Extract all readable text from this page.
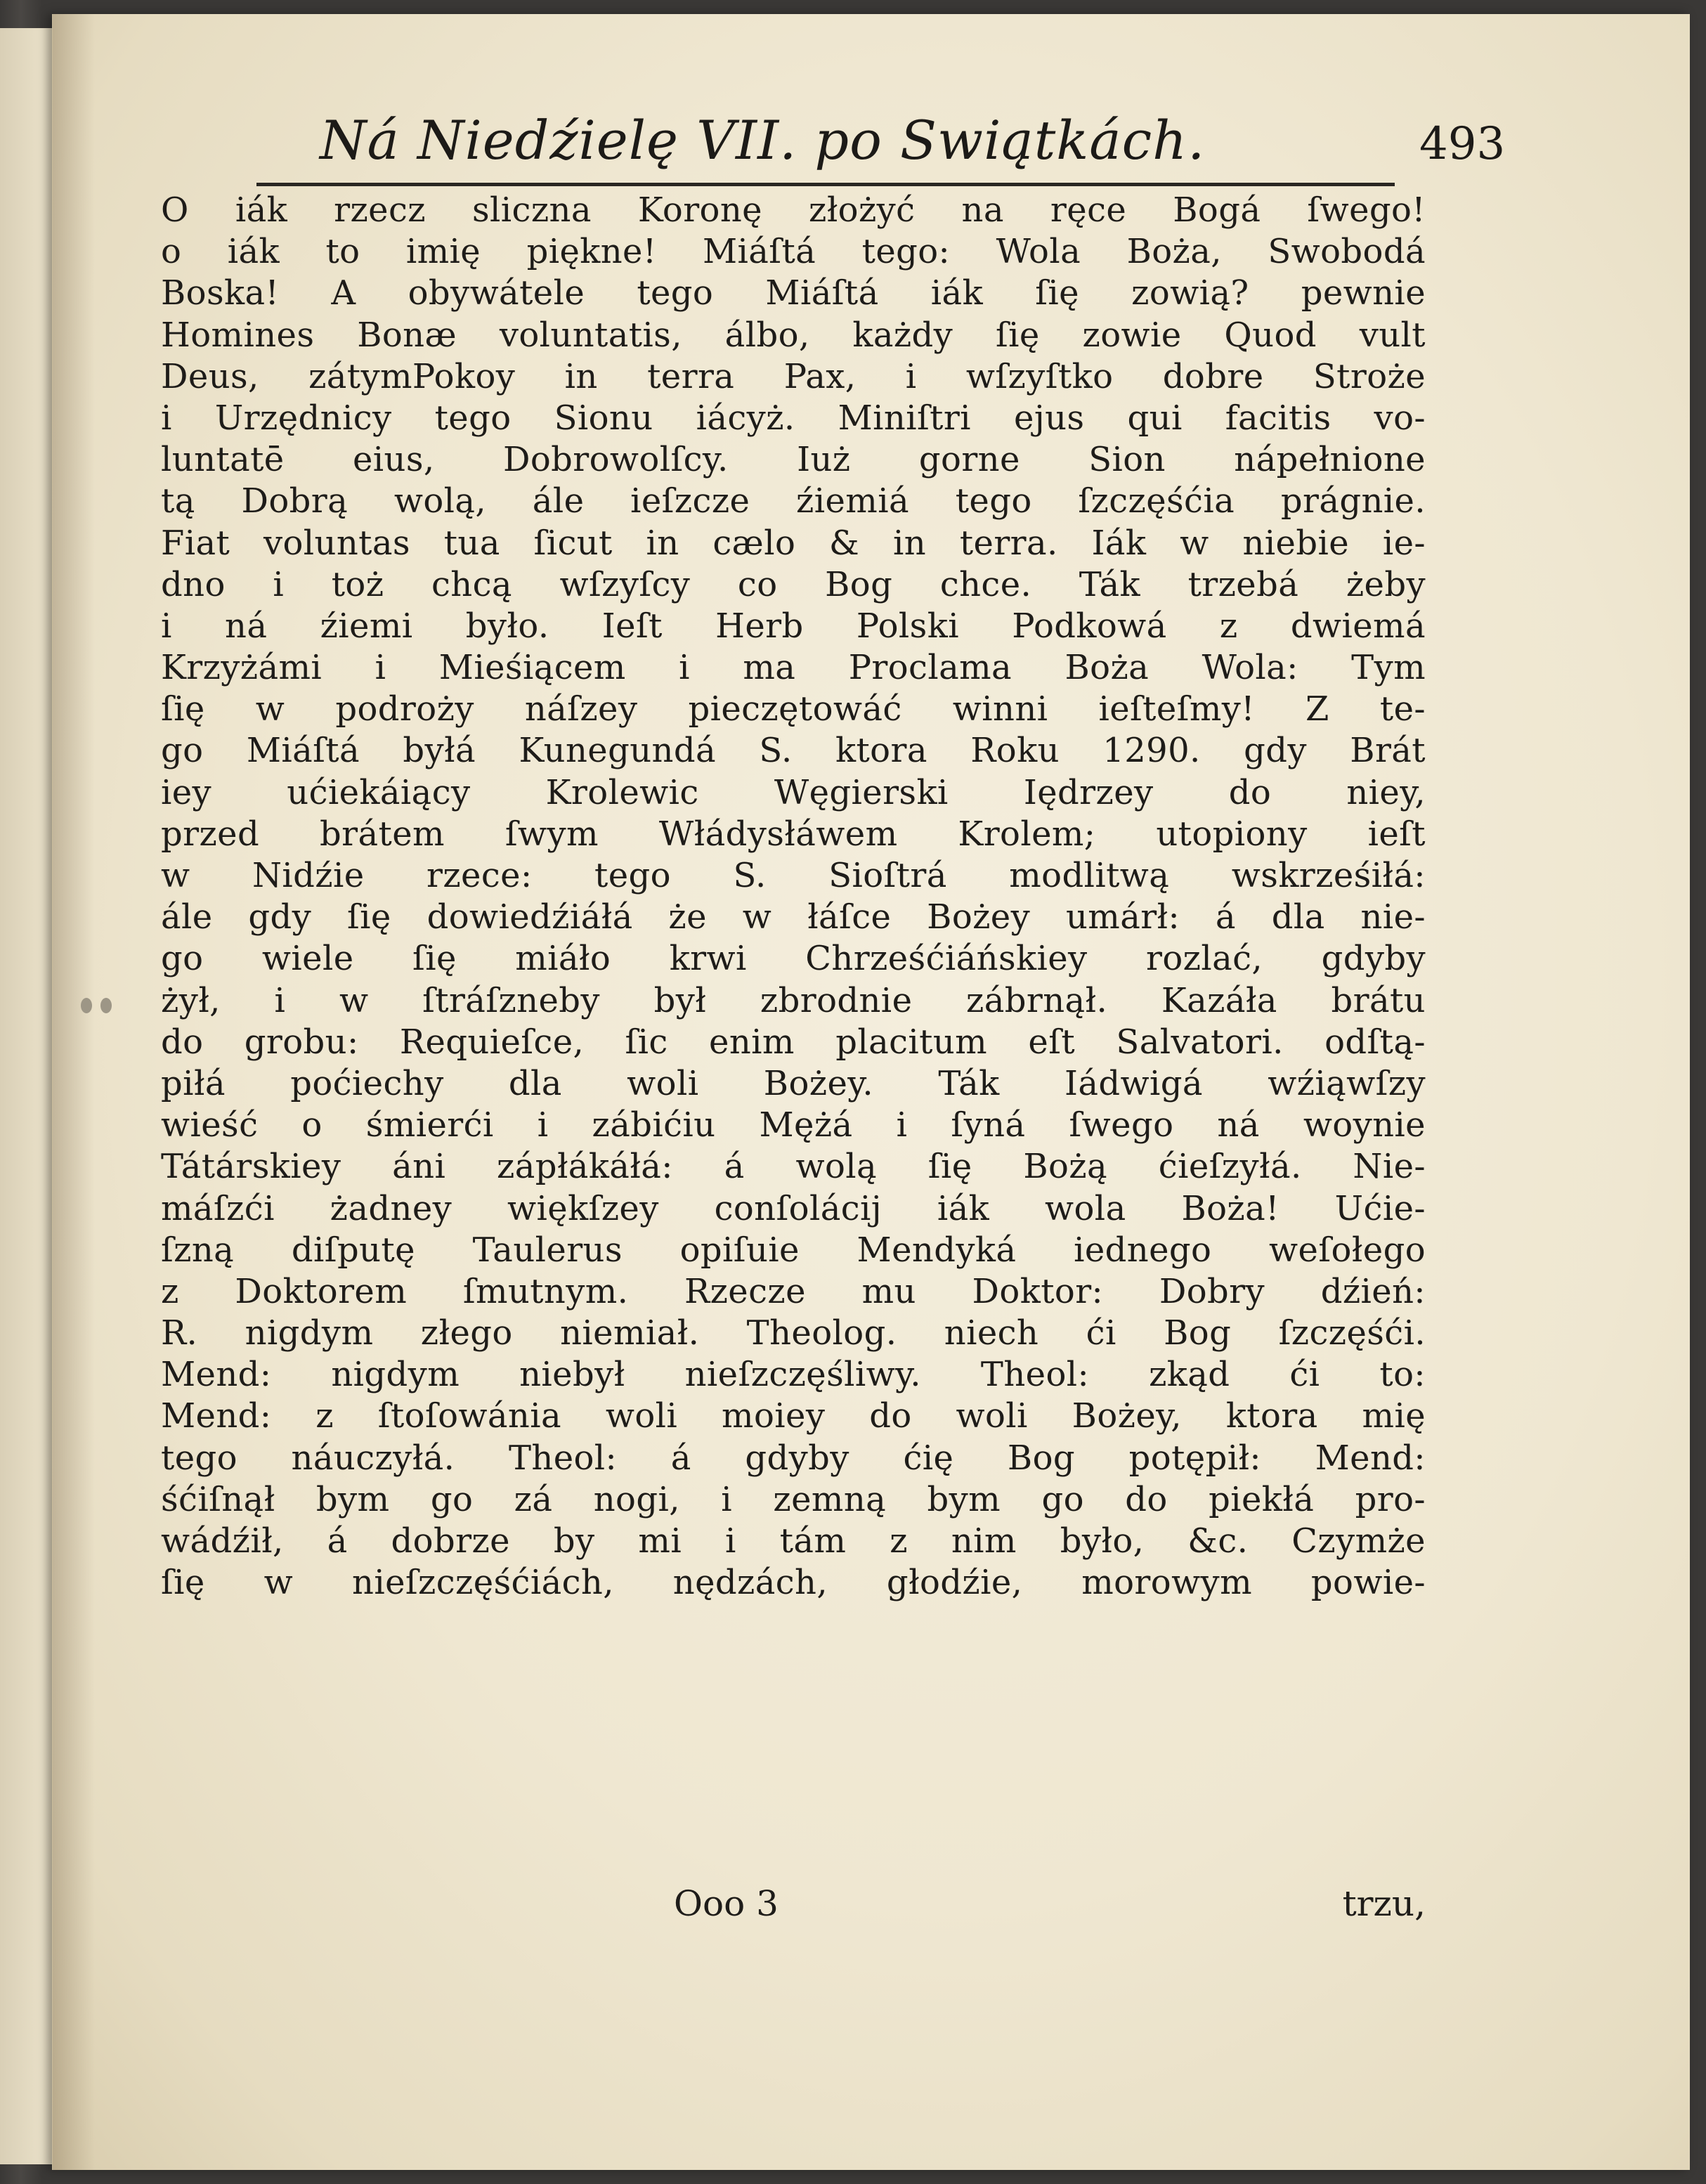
Ná Niedźielę VII. po Swiątkách.	493
O iák rzecz sliczna Koronę złożyć na ręce Bogá ſwego!
o iák to imię piękne! Miáſtá tego: Wola Boża, Swobodá
Boska! A obywátele tego Miáſtá iák ſię zowią? pewnie
Homines Bonæ voluntatis, álbo, każdy ſię zowie Quod vult
Deus, zátymPokoy in terra Pax, i wſzyſtko dobre Stroże
i Urzędnicy tego Sionu iácyż. Miniſtri ejus qui facitis vo-
luntatē eius, Dobrowolſcy. Iuż gorne Sion nápełnione
tą Dobrą wolą, ále ieſzcze źiemiá tego ſzczęśćia prágnie.
Fiat voluntas tua ſicut in cælo & in terra. Iák w niebie ie-
dno i toż chcą wſzyſcy co Bog chce. Ták trzebá żeby
i ná źiemi było. Ieſt Herb Polski Podkowá z dwiemá
Krzyżámi i Mieśiącem i ma Proclama Boża Wola: Tym
ſię w podroży náſzey pieczętowáć winni ieſteſmy! Z te-
go Miáſtá byłá Kunegundá S. ktora Roku 1290. gdy Brát
iey ućiekáiący Krolewic Węgierski Iędrzey do niey,
przed brátem ſwym Włádysłáwem Krolem; utopiony ieſt
w Nidźie rzece: tego S. Sioſtrá modlitwą wskrześiłá:
ále gdy ſię dowiedźiáłá że w łáſce Bożey umárł: á dla nie-
go wiele ſię miáło krwi Chrześćiáńskiey rozlać, gdyby
żył, i w ſtráſzneby był zbrodnie zábrnął. Kazáła brátu
do grobu: Requieſce, ſic enim placitum eſt Salvatori. odſtą-
piłá poćiechy dla woli Bożey. Ták Iádwigá wźiąwſzy
wieść o śmierći i zábićiu Mężá i ſyná ſwego ná woynie
Tátárskiey áni zápłákáłá: á wolą ſię Bożą ćieſzyłá. Nie-
máſzći żadney więkſzey conſolácij iák wola Boża! Ućie-
ſzną diſputę Taulerus opiſuie Mendyká iednego weſołego
z Doktorem ſmutnym. Rzecze mu Doktor: Dobry dźień:
R. nigdym złego niemiał. Theolog. niech ći Bog ſzczęśći.
Mend: nigdym niebył nieſzczęśliwy. Theol: zkąd ći to:
Mend: z ſtoſowánia woli moiey do woli Bożey, ktora mię
tego náuczyłá. Theol: á gdyby ćię Bog potępił: Mend:
śćiſnął bym go zá nogi, i zemną bym go do piekłá pro-
wádźił, á dobrze by mi i tám z nim było, &c. Czymże
ſię w nieſzczęśćiách, nędzách, głodźie, morowym powie-
Ooo 3	trzu,
